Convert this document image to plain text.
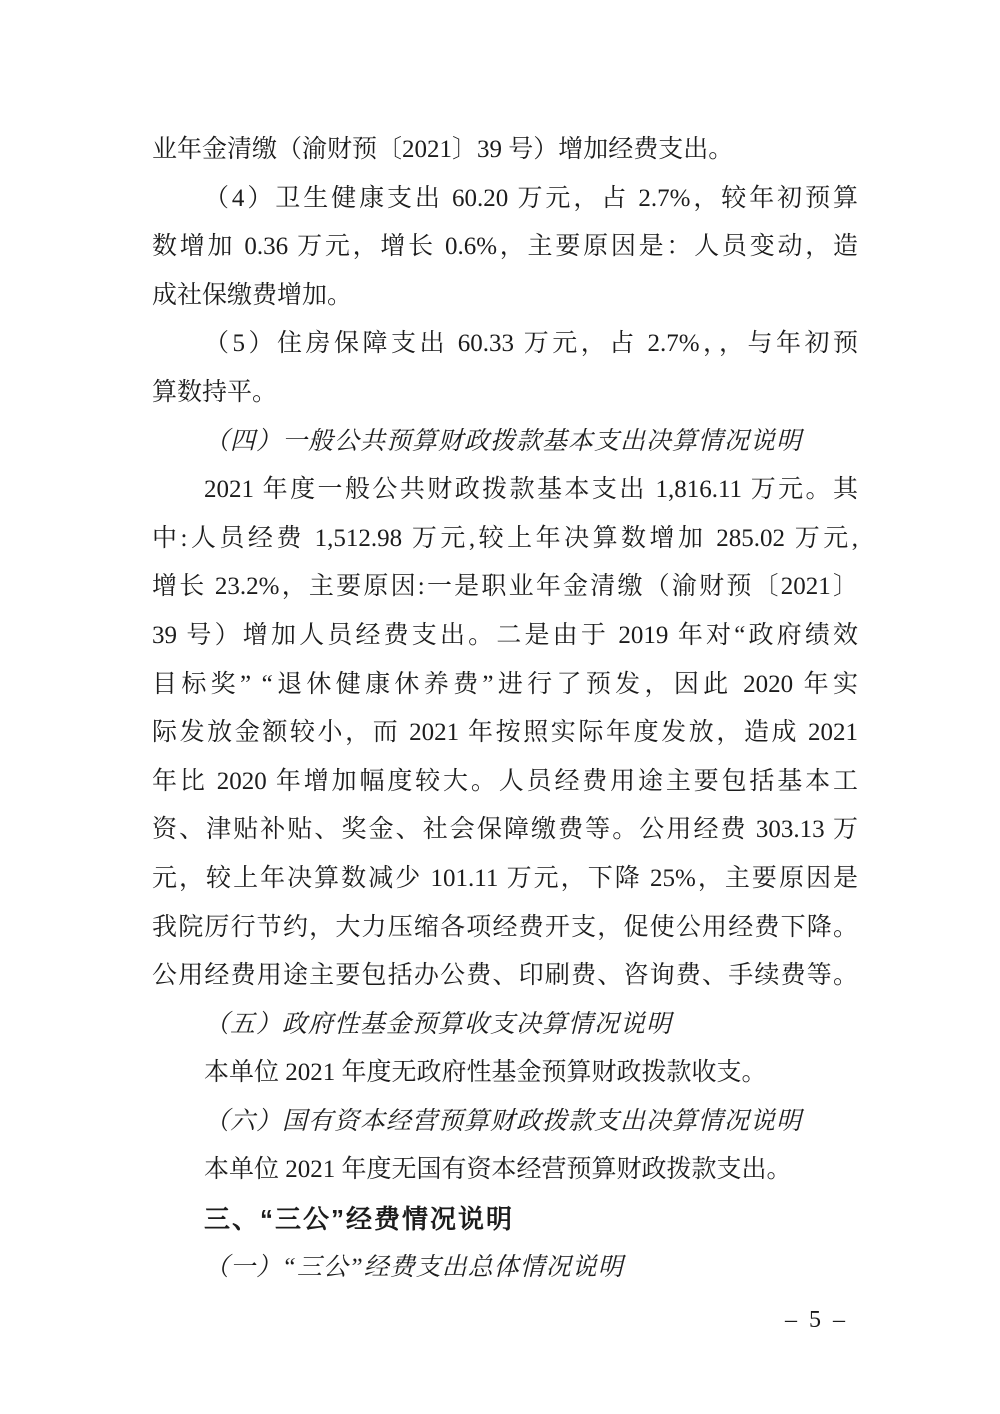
业年金清缴（渝财预〔2021〕39 号）增加经费支出。
（4）卫生健康支出 60.20 万元，占 2.7%，较年初预算
数增加 0.36 万元，增长 0.6%，主要原因是：人员变动，造
成社保缴费增加。
（5）住房保障支出 60.33 万元，占 2.7%，，与年初预
算数持平。
（四）一般公共预算财政拨款基本支出决算情况说明
2021 年度一般公共财政拨款基本支出 1,816.11 万元。其
中:人员经费 1,512.98 万元,较上年决算数增加 285.02 万元,
增长 23.2%，主要原因:一是职业年金清缴（渝财预〔2021〕
39 号）增加人员经费支出。二是由于 2019 年对“政府绩效
目标奖” “退休健康休养费”进行了预发，因此 2020 年实
际发放金额较小，而 2021 年按照实际年度发放，造成 2021
年比 2020 年增加幅度较大。人员经费用途主要包括基本工
资、津贴补贴、奖金、社会保障缴费等。公用经费 303.13 万
元，较上年决算数减少 101.11 万元，下降 25%，主要原因是
我院厉行节约，大力压缩各项经费开支，促使公用经费下降。
公用经费用途主要包括办公费、印刷费、咨询费、手续费等。
（五）政府性基金预算收支决算情况说明
本单位 2021 年度无政府性基金预算财政拨款收支。
（六）国有资本经营预算财政拨款支出决算情况说明
本单位 2021 年度无国有资本经营预算财政拨款支出。
三、“三公”经费情况说明
（一）“三公”经费支出总体情况说明
– 5 –
